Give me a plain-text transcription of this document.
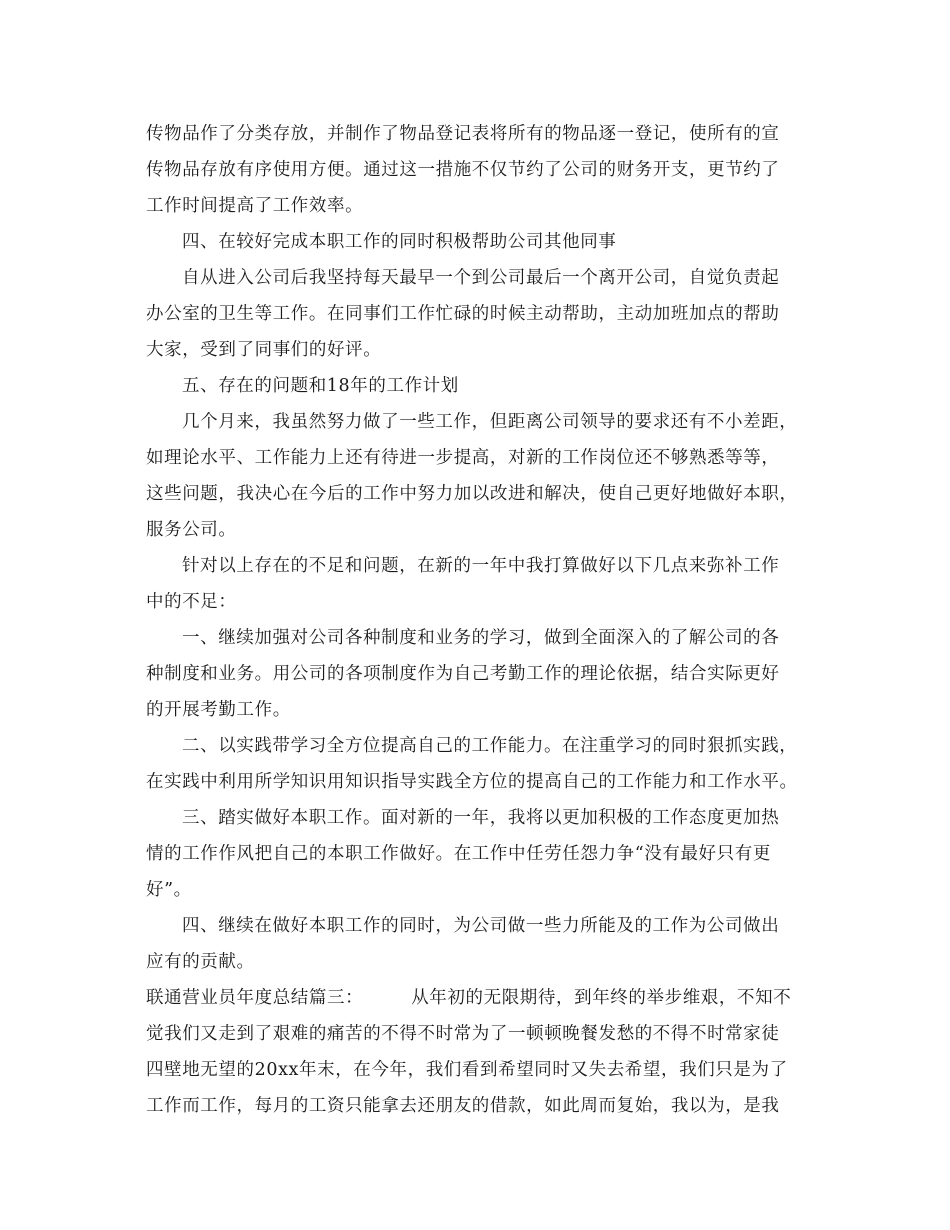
传物品作了分类存放，并制作了物品登记表将所有的物品逐一登记，使所有的宣
传物品存放有序使用方便。通过这一措施不仅节约了公司的财务开支，更节约了
工作时间提高了工作效率。
四、在较好完成本职工作的同时积极帮助公司其他同事
自从进入公司后我坚持每天最早一个到公司最后一个离开公司，自觉负责起
办公室的卫生等工作。在同事们工作忙碌的时候主动帮助，主动加班加点的帮助
大家，受到了同事们的好评。
五、存在的问题和18年的工作计划
几个月来，我虽然努力做了一些工作，但距离公司领导的要求还有不小差距，
如理论水平、工作能力上还有待进一步提高，对新的工作岗位还不够熟悉等等，
这些问题，我决心在今后的工作中努力加以改进和解决，使自己更好地做好本职，
服务公司。
针对以上存在的不足和问题，在新的一年中我打算做好以下几点来弥补工作
中的不足：
一、继续加强对公司各种制度和业务的学习，做到全面深入的了解公司的各
种制度和业务。用公司的各项制度作为自己考勤工作的理论依据，结合实际更好
的开展考勤工作。
二、以实践带学习全方位提高自己的工作能力。在注重学习的同时狠抓实践，
在实践中利用所学知识用知识指导实践全方位的提高自己的工作能力和工作水平。
三、踏实做好本职工作。面对新的一年，我将以更加积极的工作态度更加热
情的工作作风把自己的本职工作做好。在工作中任劳任怨力争“没有最好只有更
好”。
四、继续在做好本职工作的同时，为公司做一些力所能及的工作为公司做出
应有的贡献。
联通营业员年度总结篇三：	从年初的无限期待，到年终的举步维艰，不知不
觉我们又走到了艰难的痛苦的不得不时常为了一顿顿晚餐发愁的不得不时常家徒
四壁地无望的20xx年末，在今年，我们看到希望同时又失去希望，我们只是为了
工作而工作，每月的工资只能拿去还朋友的借款，如此周而复始，我以为，是我
